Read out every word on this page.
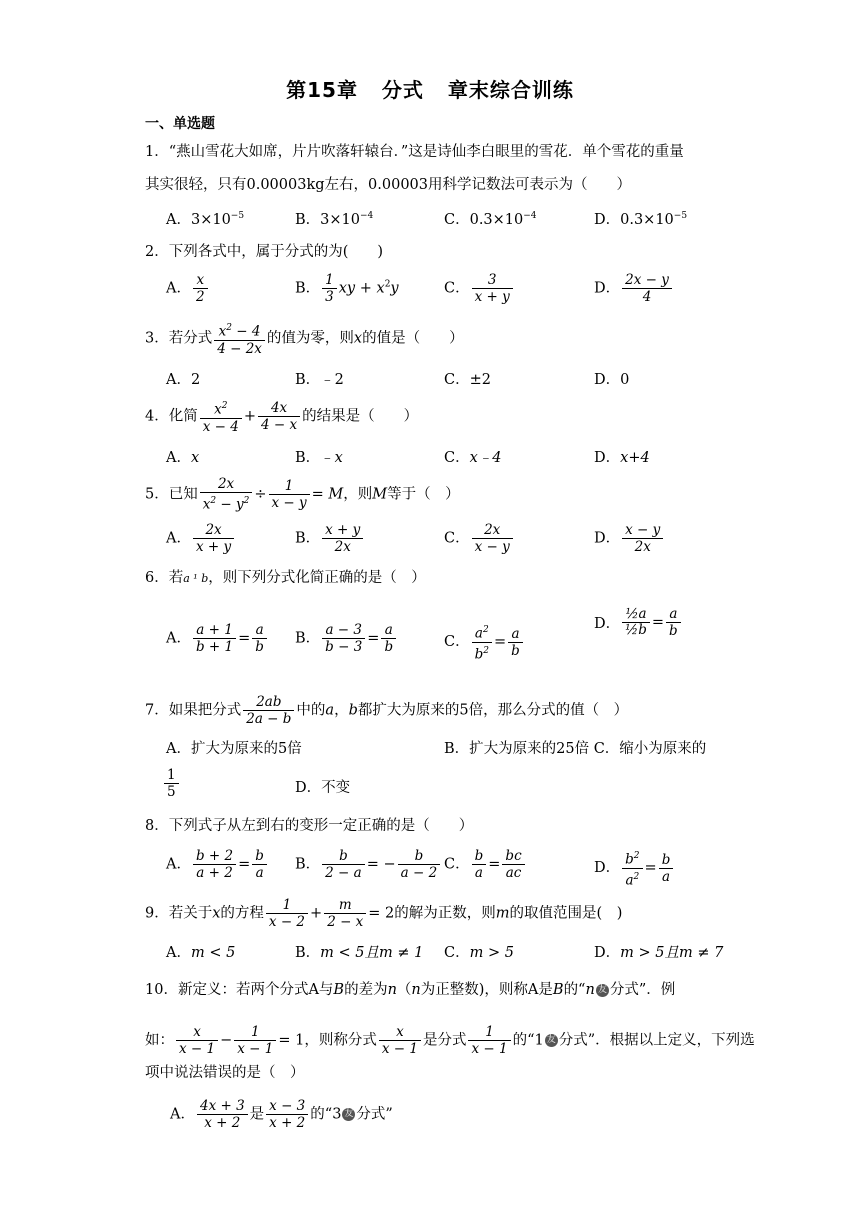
第15章 分式 章末综合训练
一、单选题
1．“燕山雪花大如席，片片吹落轩辕台．”这是诗仙李白眼里的雪花．单个雪花的重量
其实很轻，只有0.00003kg左右，0.00003用科学记数法可表示为（　　）
A．$3\times 10^{-5}$	B．$3\times 10^{-4}$	C．$0.3\times 10^{-4}$	D．$0.3\times 10^{-5}$
2．下列各式中，属于分式的为(　　)
A． $\frac{x}{2}$	B． $\frac{1}{3}$ xy + $x^2y$	C． $\frac{3}{x + y}$	D． $\frac{2x - y}{4}$
3．若分式 $\frac{x^2 - 4}{4 - 2x}$ 的值为零，则x的值是（　　）
A．2	B．﹣2	C．±2	D．0
4．化简 $\frac{x^2}{x - 4} + \frac{4x}{4 - x}$ 的结果是（　　）
A．x	B．﹣x	C．x﹣4	D．x+4
5．已知 $\frac{2x}{x^2 - y^2} \div \frac{1}{x - y} = M$，则M等于（　）
A． $\frac{2x}{x + y}$	B． $\frac{x + y}{2x}$	C． $\frac{2x}{x - y}$	D． $\frac{x - y}{2x}$
6．若a ¹ b，则下列分式化简正确的是（　）
A． $\frac{a + 1}{b + 1} = \frac{a}{b}$ B． $\frac{a - 3}{b - 3} = \frac{a}{b}$	C． $\frac{a^2}{b^2} = \frac{a}{b}$
D． $\frac{\text{½a}}{\text{½b}} = \frac{a}{b}$
7．如果把分式 $\frac{2ab}{2a - b}$ 中的a，b都扩大为原来的5倍，那么分式的值（　）
A．扩大为原来的5倍	B．扩大为原来的25倍 C．缩小为原来的
$\frac{1}{5}$	D．不变
8．下列式子从左到右的变形一定正确的是（　　）
A． $\frac{b + 2}{a + 2} = \frac{b}{a}$ B． $\frac{b}{2 - a}$ = − $\frac{b}{a - 2}$ C． $\frac{b}{a} = \frac{bc}{ac}$	D． $\frac{b^2}{a^2} = \frac{b}{a}$
9．若关于x的方程 $\frac{1}{x - 2} + \frac{m}{2 - x} = 2$的解为正数，则m的取值范围是(　)
A．m < 5	B．m < 5且m ≠ 1 C．m > 5	D．m > 5且m ≠ 7
10．新定义：若两个分式A与B的差为n（n为正整数)，则称A是B的“n 友 分式”．例
如： $\frac{x}{x - 1} - \frac{1}{x - 1} = 1$，则称分式 $\frac{x}{x - 1}$ 是分式 $\frac{1}{x - 1}$ 的“1 友 分式”．根据以上定义，下列选
项中说法错误的是（　）
A． $\frac{4x + 3}{x + 2}$ 是 $\frac{x - 3}{x + 2}$ 的“3 友 分式”
